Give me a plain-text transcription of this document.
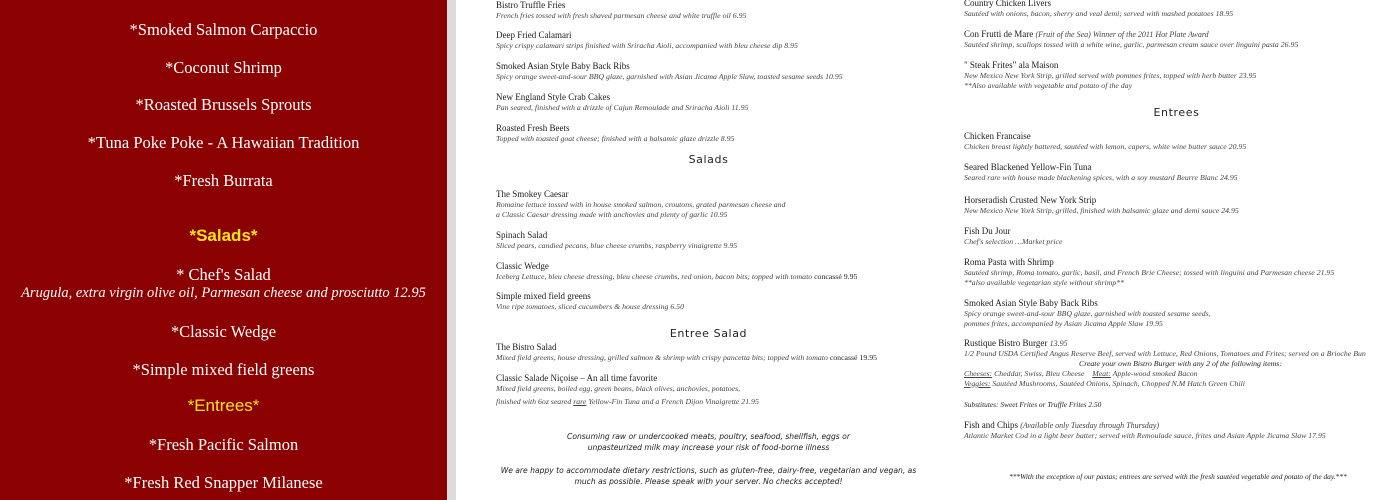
*Smoked Salmon Carpaccio
*Coconut Shrimp
*Roasted Brussels Sprouts
*Tuna Poke Poke - A Hawaiian Tradition
*Fresh Burrata
*Salads*
* Chef's Salad
Arugula, extra virgin olive oil, Parmesan cheese and prosciutto 12.95
*Classic Wedge
*Simple mixed field greens
*Entrees*
*Fresh Pacific Salmon
*Fresh Red Snapper Milanese
Bistro Truffle Fries
French fries tossed with fresh shaved parmesan cheese and white truffle oil 6.95
Deep Fried Calamari
Spicy crispy calamari strips finished with Sriracha Aioli, accompanied with bleu cheese dip 8.95
Smoked Asian Style Baby Back Ribs
Spicy orange sweet-and-sour BBQ glaze, garnished with Asian Jicama Apple Slaw, toasted sesame seeds 10.95
New England Style Crab Cakes
Pan seared, finished with a drizzle of Cajun Remoulade and Sriracha Aioli 11.95
Roasted Fresh Beets
Topped with toasted goat cheese; finished with a balsamic glaze drizzle 8.95
Salads
The Smokey Caesar
Romaine lettuce tossed with in house smoked salmon, croutons, grated parmesan cheese and
a Classic Caesar dressing made with anchovies and plenty of garlic 10.95
Spinach Salad
Sliced pears, candied pecans, blue cheese crumbs, raspberry vinaigrette 9.95
Classic Wedge
Iceberg Lettuce, bleu cheese dressing, bleu cheese crumbs, red onion, bacon bits; topped with tomato concassé 9.95
Simple mixed field greens
Vine ripe tomatoes, sliced cucumbers & house dressing 6.50
Entree Salad
The Bistro Salad
Mixed field greens, house dressing, grilled salmon & shrimp with crispy pancetta bits; topped with tomato concassé 19.95
Classic Salade Niçoise – An all time favorite
Mixed field greens, boiled egg, green beans, black olives, anchovies, potatoes,
finished with 6oz seared rare Yellow-Fin Tuna and a French Dijon Vinaigrette 21.95
Consuming raw or undercooked meats, poultry, seafood, shellfish, eggs or
unpasteurized milk may increase your risk of food-borne illness
We are happy to accommodate dietary restrictions, such as gluten-free, dairy-free, vegetarian and vegan, as
much as possible. Please speak with your server. No checks accepted!
Country Chicken Livers
Sautéed with onions, bacon, sherry and veal demi; served with mashed potatoes 18.95
Con Frutti de Mare (Fruit of the Sea) Winner of the 2011 Hot Plate Award
Sautéed shrimp, scallops tossed with a white wine, garlic, parmesan cream sauce over linguini pasta 26.95
" Steak Frites" ala Maison
New Mexico New York Strip, grilled served with pommes frites, topped with herb butter 23.95
**Also available with vegetable and potato of the day
Entrees
Chicken Francaise
Chicken breast lightly battered, sautéed with lemon, capers, white wine butter sauce 20.95
Seared Blackened Yellow-Fin Tuna
Seared rare with house made blackening spices, with a soy mustard Beurre Blanc 24.95
Horseradish Crusted New York Strip
New Mexico New York Strip, grilled, finished with balsamic glaze and demi sauce 24.95
Fish Du Jour
Chef's selection …Market price
Roma Pasta with Shrimp
Sautéed shrimp, Roma tomato, garlic, basil, and French Brie Cheese; tossed with linguini and Parmesan cheese 21.95
**also available vegetarian style without shrimp**
Smoked Asian Style Baby Back Ribs
Spicy orange sweet-and-sour BBQ glaze, garnished with toasted sesame seeds,
pommes frites, accompanied by Asian Jicama Apple Slaw 19.95
Rustique Bistro Burger 13.95
1/2 Pound USDA Certified Angus Reserve Beef, served with Lettuce, Red Onions, Tomatoes and Frites; served on a Brioche Bun
Create your own Bistro Burger with any 2 of the following items:
Cheeses: Cheddar, Swiss, Bleu Cheese Meat: Apple-wood smoked Bacon
Veggies: Sautéed Mushrooms, Sautéed Onions, Spinach, Chopped N.M Hatch Green Chili
Substitutes: Sweet Frites or Truffle Frites 2.50
Fish and Chips (Available only Tuesday through Thursday)
Atlantic Market Cod in a light beer batter; served with Remoulade sauce, frites and Asian Apple Jicama Slaw 17.95
***With the exception of our pastas; entrees are served with the fresh sautéed vegetable and potato of the day.***
